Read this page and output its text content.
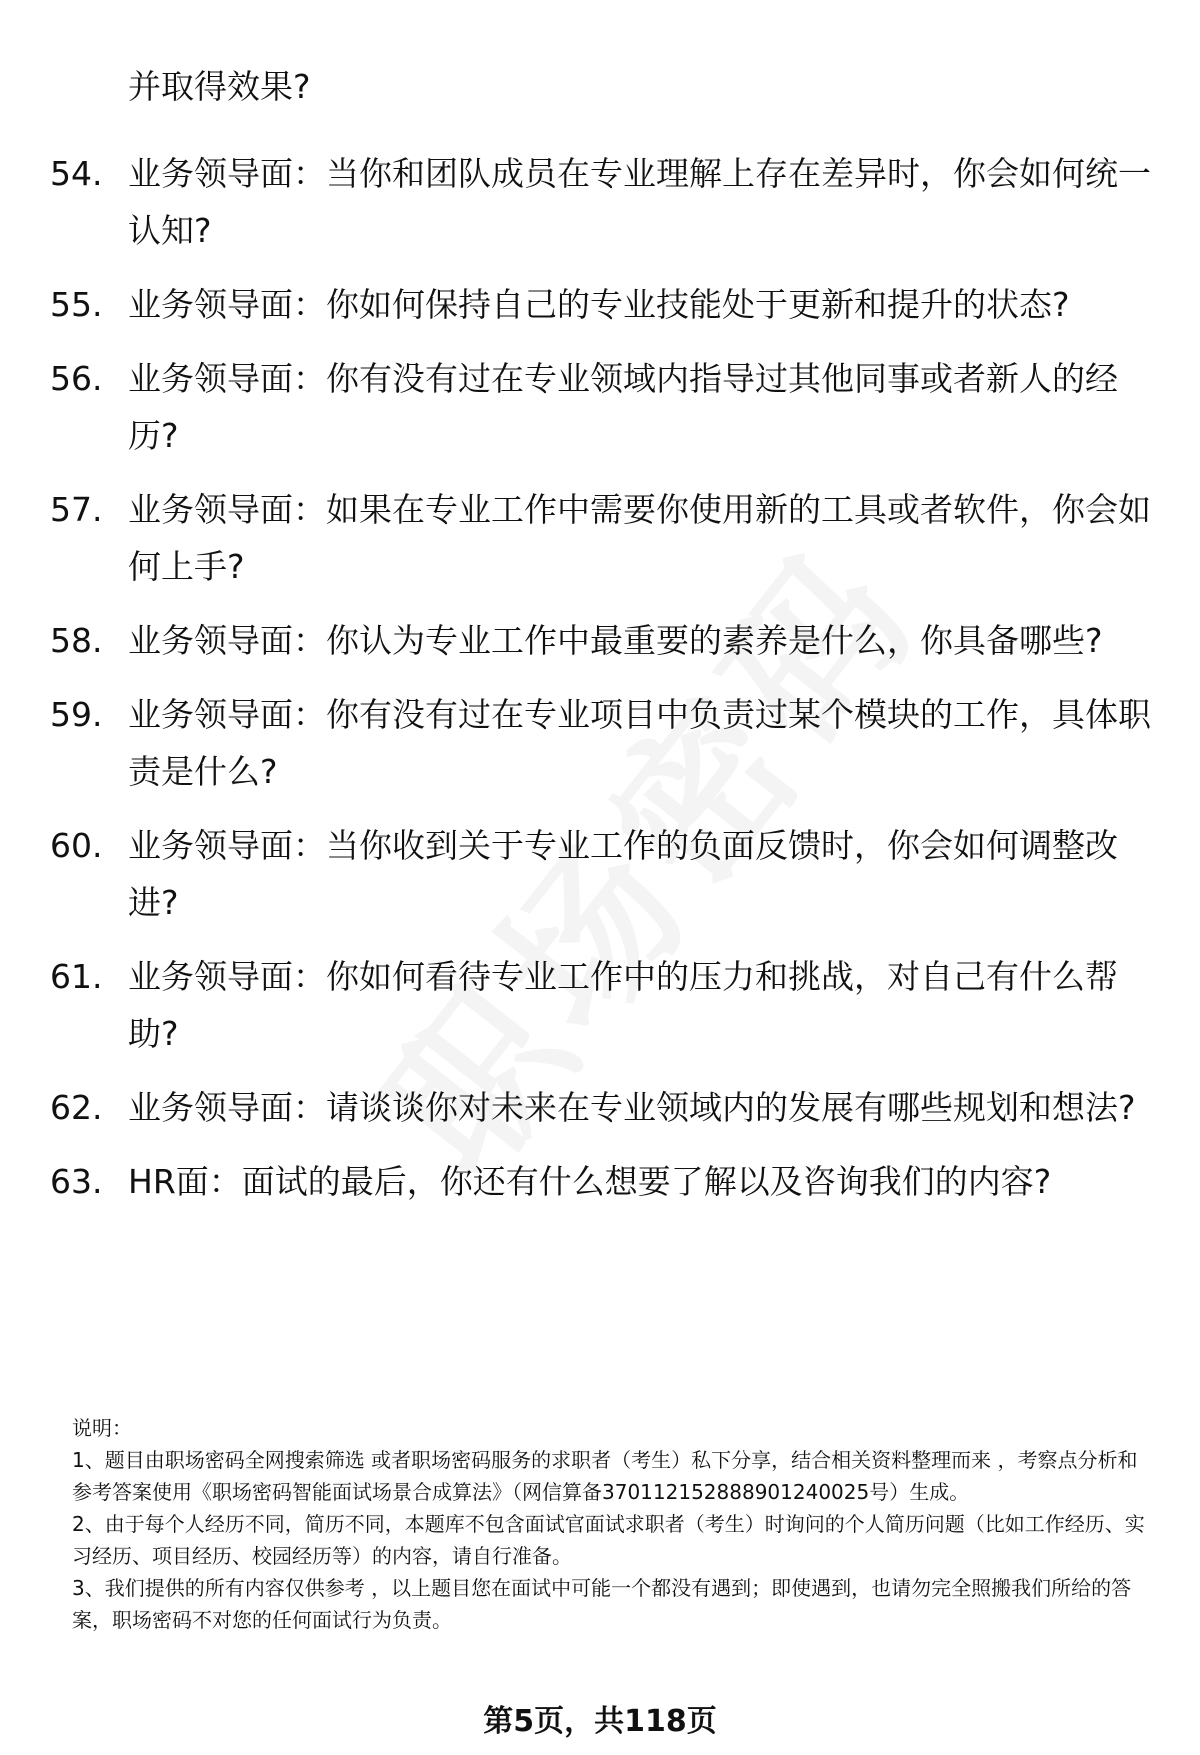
并取得效果?
54. 业务领导面：当你和团队成员在专业理解上存在差异时，你会如何统一认知?
55. 业务领导面：你如何保持自己的专业技能处于更新和提升的状态?
56. 业务领导面：你有没有过在专业领域内指导过其他同事或者新人的经历?
57. 业务领导面：如果在专业工作中需要你使用新的工具或者软件，你会如何上手?
58. 业务领导面：你认为专业工作中最重要的素养是什么，你具备哪些?
59. 业务领导面：你有没有过在专业项目中负责过某个模块的工作，具体职责是什么?
60. 业务领导面：当你收到关于专业工作的负面反馈时，你会如何调整改进?
61. 业务领导面：你如何看待专业工作中的压力和挑战，对自己有什么帮助?
62. 业务领导面：请谈谈你对未来在专业领域内的发展有哪些规划和想法?
63. HR面：面试的最后，你还有什么想要了解以及咨询我们的内容?

说明：

1、题目由职场密码全网搜索筛选 或者职场密码服务的求职者（考生）私下分享，结合相关资料整理而来 ，考察点分析和参考答案使用《职场密码智能面试场景合成算法》（网信算备370112152888901240025号）生成。

2、由于每个人经历不同，简历不同，本题库不包含面试官面试求职者（考生）时询问的个人简历问题（比如工作经历、实习经历、项目经历、校园经历等）的内容，请自行准备。

3、我们提供的所有内容仅供参考 ，以上题目您在面试中可能一个都没有遇到；即使遇到，也请勿完全照搬我们所给的答案，职场密码不对您的任何面试行为负责。

第5页，共118页
